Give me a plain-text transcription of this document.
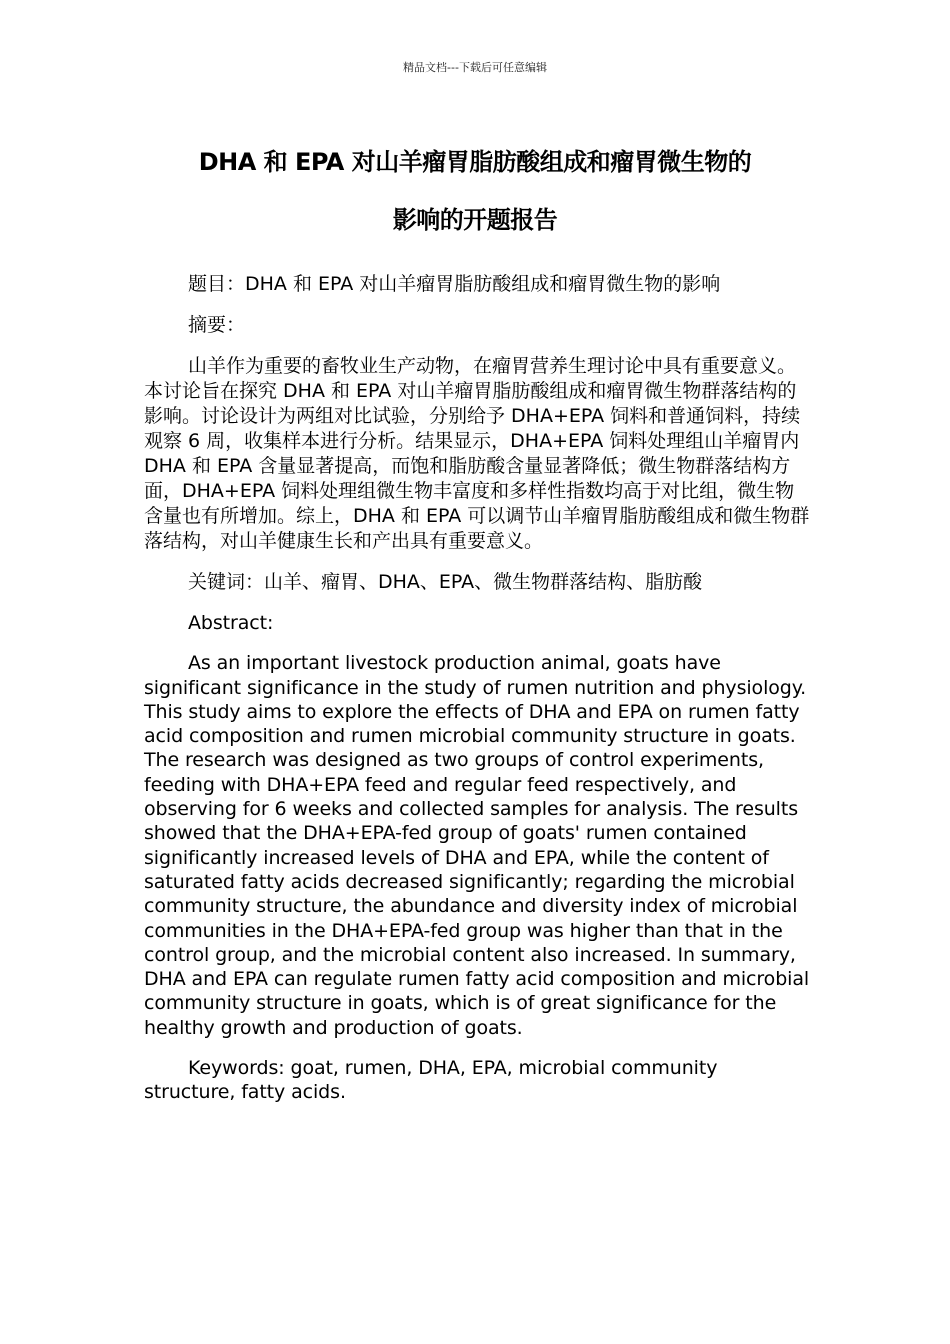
精品文档---下载后可任意编辑
DHA 和 EPA 对山羊瘤胃脂肪酸组成和瘤胃微生物的
影响的开题报告

题目：DHA 和 EPA 对山羊瘤胃脂肪酸组成和瘤胃微生物的影响

摘要：

山羊作为重要的畜牧业生产动物，在瘤胃营养生理讨论中具有重要意义。本讨论旨在探究 DHA 和 EPA 对山羊瘤胃脂肪酸组成和瘤胃微生物群落结构的影响。讨论设计为两组对比试验，分别给予 DHA+EPA 饲料和普通饲料，持续观察 6 周，收集样本进行分析。结果显示，DHA+EPA 饲料处理组山羊瘤胃内 DHA 和 EPA 含量显著提高，而饱和脂肪酸含量显著降低；微生物群落结构方面，DHA+EPA 饲料处理组微生物丰富度和多样性指数均高于对比组，微生物含量也有所增加。综上，DHA 和 EPA 可以调节山羊瘤胃脂肪酸组成和微生物群落结构，对山羊健康生长和产出具有重要意义。

关键词：山羊、瘤胃、DHA、EPA、微生物群落结构、脂肪酸

Abstract:

As an important livestock production animal, goats have significant significance in the study of rumen nutrition and physiology. This study aims to explore the effects of DHA and EPA on rumen fatty acid composition and rumen microbial community structure in goats. The research was designed as two groups of control experiments, feeding with DHA+EPA feed and regular feed respectively, and observing for 6 weeks and collected samples for analysis. The results showed that the DHA+EPA-fed group of goats' rumen contained significantly increased levels of DHA and EPA, while the content of saturated fatty acids decreased significantly; regarding the microbial community structure, the abundance and diversity index of microbial communities in the DHA+EPA-fed group was higher than that in the control group, and the microbial content also increased. In summary, DHA and EPA can regulate rumen fatty acid composition and microbial community structure in goats, which is of great significance for the healthy growth and production of goats.

Keywords: goat, rumen, DHA, EPA, microbial community structure, fatty acids.
